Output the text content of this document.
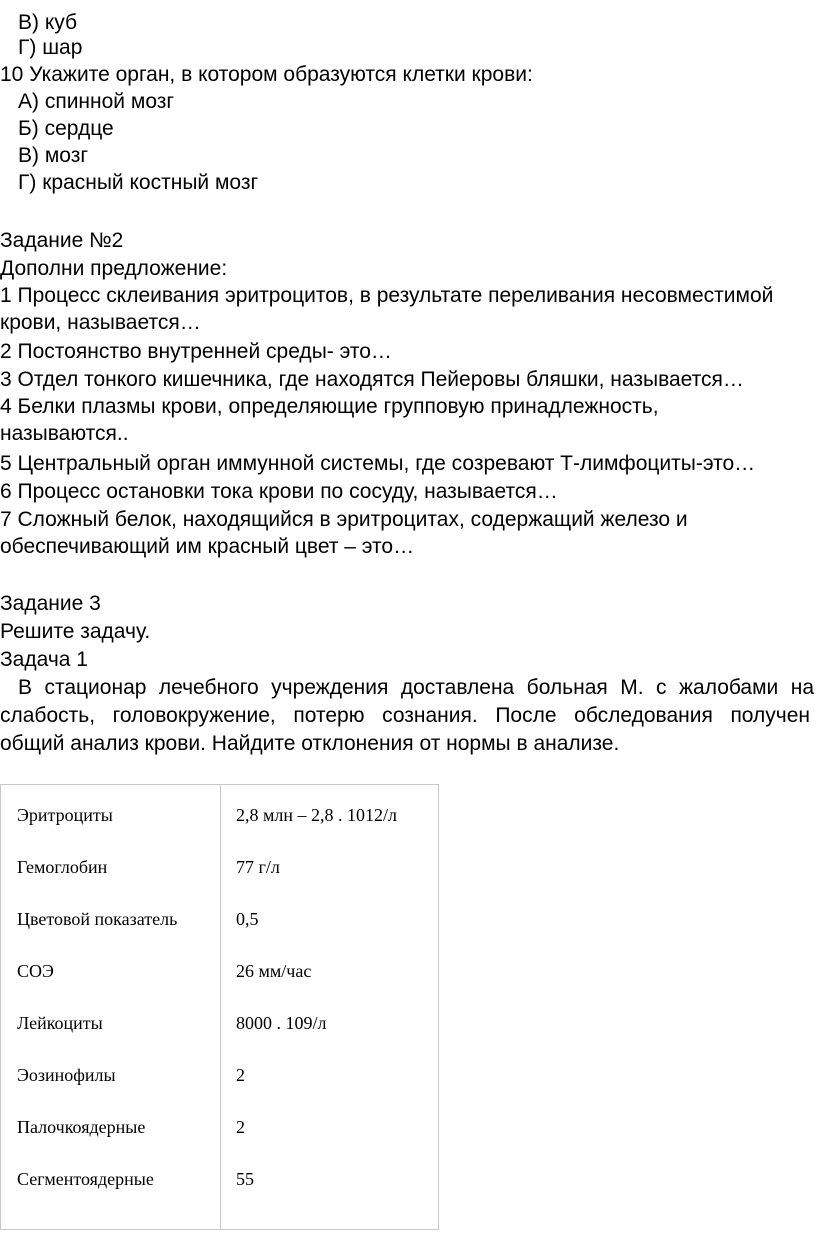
В) куб
Г) шар
10 Укажите орган, в котором образуются клетки крови:
А) спинной мозг
Б) сердце
В) мозг
Г) красный костный мозг
Задание №2
Дополни предложение:
1 Процесс склеивания эритроцитов, в результате переливания несовместимой
крови, называется…
2 Постоянство внутренней среды- это…
3 Отдел тонкого кишечника, где находятся Пейеровы бляшки, называется…
4 Белки плазмы крови, определяющие групповую принадлежность,
называются..
5 Центральный орган иммунной системы, где созревают Т-лимфоциты-это…
6 Процесс остановки тока крови по сосуду, называется…
7 Сложный белок, находящийся в эритроцитах, содержащий железо и
обеспечивающий им красный цвет – это…
Задание 3
Решите задачу.
Задача 1
В стационар лечебного учреждения доставлена больная М. с жалобами на
слабость, головокружение, потерю сознания. После обследования получен
общий анализ крови. Найдите отклонения от нормы в анализе.
Эритроциты	2,8 млн – 2,8 . 1012/л
Гемоглобин	77 г/л
Цветовой показатель	0,5
СОЭ	26 мм/час
Лейкоциты	8000 . 109/л
Эозинофилы	2
Палочкоядерные	2
Сегментоядерные	55
